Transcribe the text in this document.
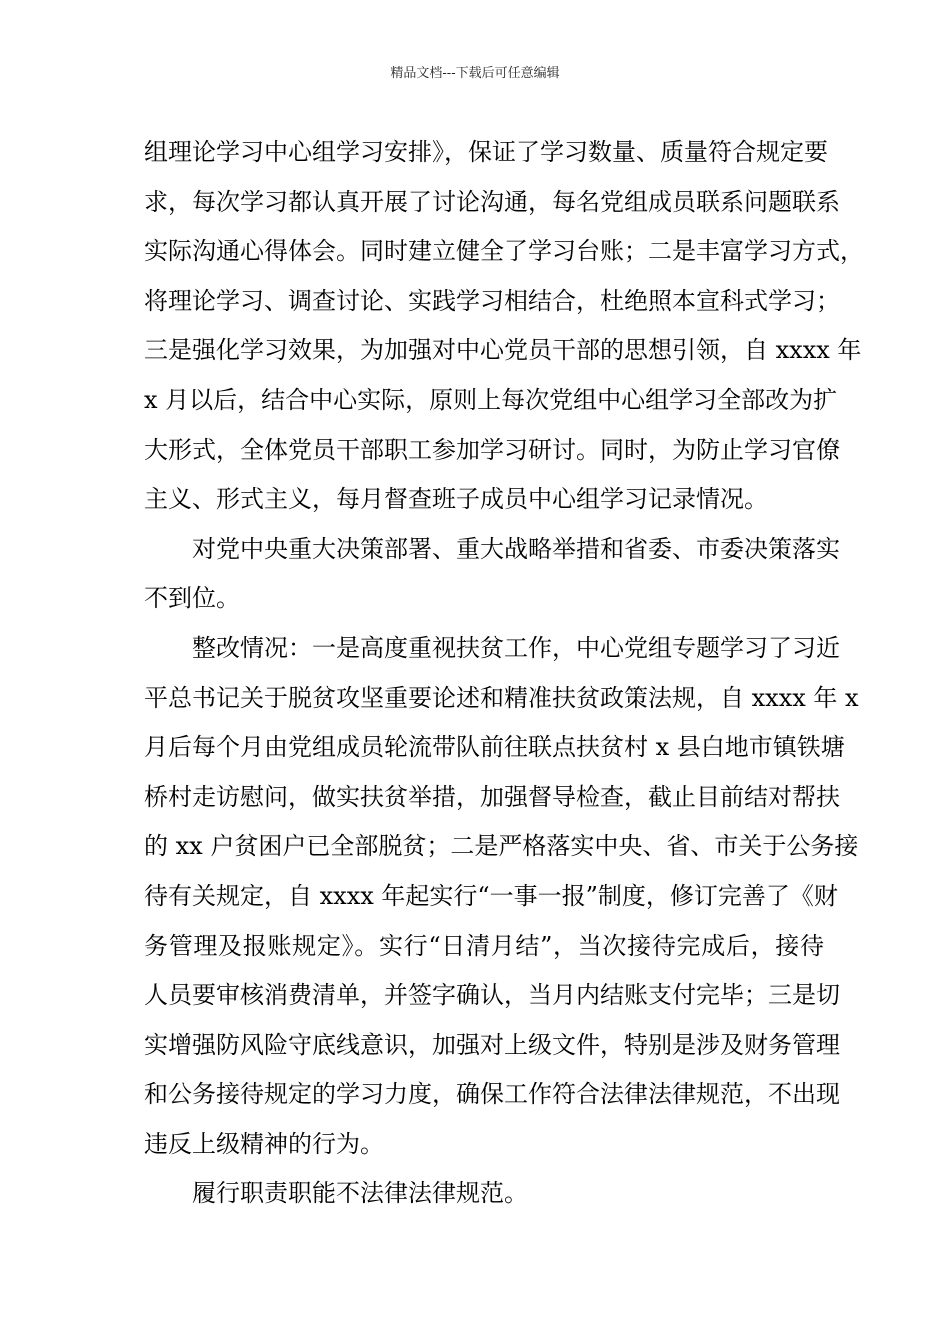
精品文档---下载后可任意编辑
组理论学习中心组学习安排》，保证了学习数量、质量符合规定要
求，每次学习都认真开展了讨论沟通，每名党组成员联系问题联系
实际沟通心得体会。同时建立健全了学习台账；二是丰富学习方式，
将理论学习、调查讨论、实践学习相结合，杜绝照本宣科式学习；
三是强化学习效果，为加强对中心党员干部的思想引领，自 xxxx 年
x 月以后，结合中心实际，原则上每次党组中心组学习全部改为扩
大形式，全体党员干部职工参加学习研讨。同时，为防止学习官僚
主义、形式主义，每月督查班子成员中心组学习记录情况。
对党中央重大决策部署、重大战略举措和省委、市委决策落实
不到位。
整改情况：一是高度重视扶贫工作，中心党组专题学习了习近
平总书记关于脱贫攻坚重要论述和精准扶贫政策法规，自 xxxx 年 x
月后每个月由党组成员轮流带队前往联点扶贫村 x 县白地市镇铁塘
桥村走访慰问，做实扶贫举措，加强督导检查，截止目前结对帮扶
的 xx 户贫困户已全部脱贫；二是严格落实中央、省、市关于公务接
待有关规定，自 xxxx 年起实行“一事一报”制度，修订完善了《财
务管理及报账规定》。实行“日清月结”，当次接待完成后，接待
人员要审核消费清单，并签字确认，当月内结账支付完毕；三是切
实增强防风险守底线意识，加强对上级文件，特别是涉及财务管理
和公务接待规定的学习力度，确保工作符合法律法律规范，不出现
违反上级精神的行为。
履行职责职能不法律法律规范。
